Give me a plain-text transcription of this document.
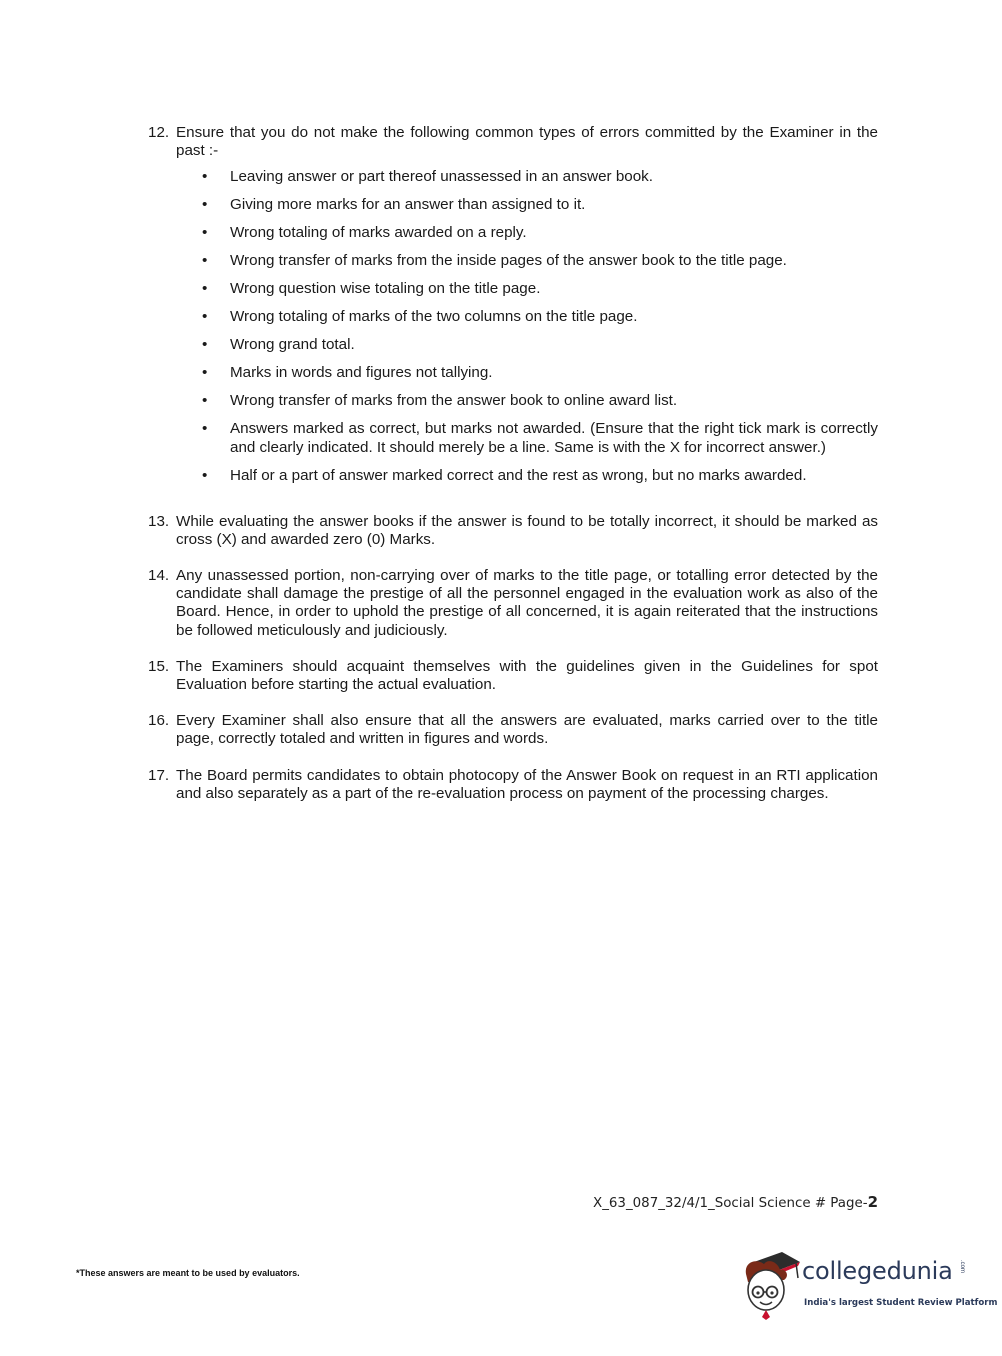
12. Ensure that you do not make the following common types of errors committed by the Examiner in the past :-
•	Leaving answer or part thereof unassessed in an answer book.
•	Giving more marks for an answer than assigned to it.
•	Wrong totaling of marks awarded on a reply.
•	Wrong transfer of marks from the inside pages of the answer book to the title page.
•	Wrong question wise totaling on the title page.
•	Wrong totaling of marks of the two columns on the title page.
•	Wrong grand total.
•	Marks in words and figures not tallying.
•	Wrong transfer of marks from the answer book to online award list.
•	Answers marked as correct, but marks not awarded. (Ensure that the right tick mark is correctly and clearly indicated. It should merely be a line. Same is with the X for incorrect answer.)
•	Half or a part of answer marked correct and the rest as wrong, but no marks awarded.
13. While evaluating the answer books if the answer is found to be totally incorrect, it should be marked as cross (X) and awarded zero (0) Marks.
14. Any unassessed portion, non-carrying over of marks to the title page, or totalling error detected by the candidate shall damage the prestige of all the personnel engaged in the evaluation work as also of the Board. Hence, in order to uphold the prestige of all concerned, it is again reiterated that the instructions be followed meticulously and judiciously.
15. The Examiners should acquaint themselves with the guidelines given in the Guidelines for spot Evaluation before starting the actual evaluation.
16. Every Examiner shall also ensure that all the answers are evaluated, marks carried over to the title page, correctly totaled and written in figures and words.
17. The Board permits candidates to obtain photocopy of the Answer Book on request in an RTI application and also separately as a part of the re-evaluation process on payment of the processing charges.
X_63_087_32/4/1_Social Science # Page-2
*These answers are meant to be used by evaluators.	collegedunia .com
India's largest Student Review Platform
